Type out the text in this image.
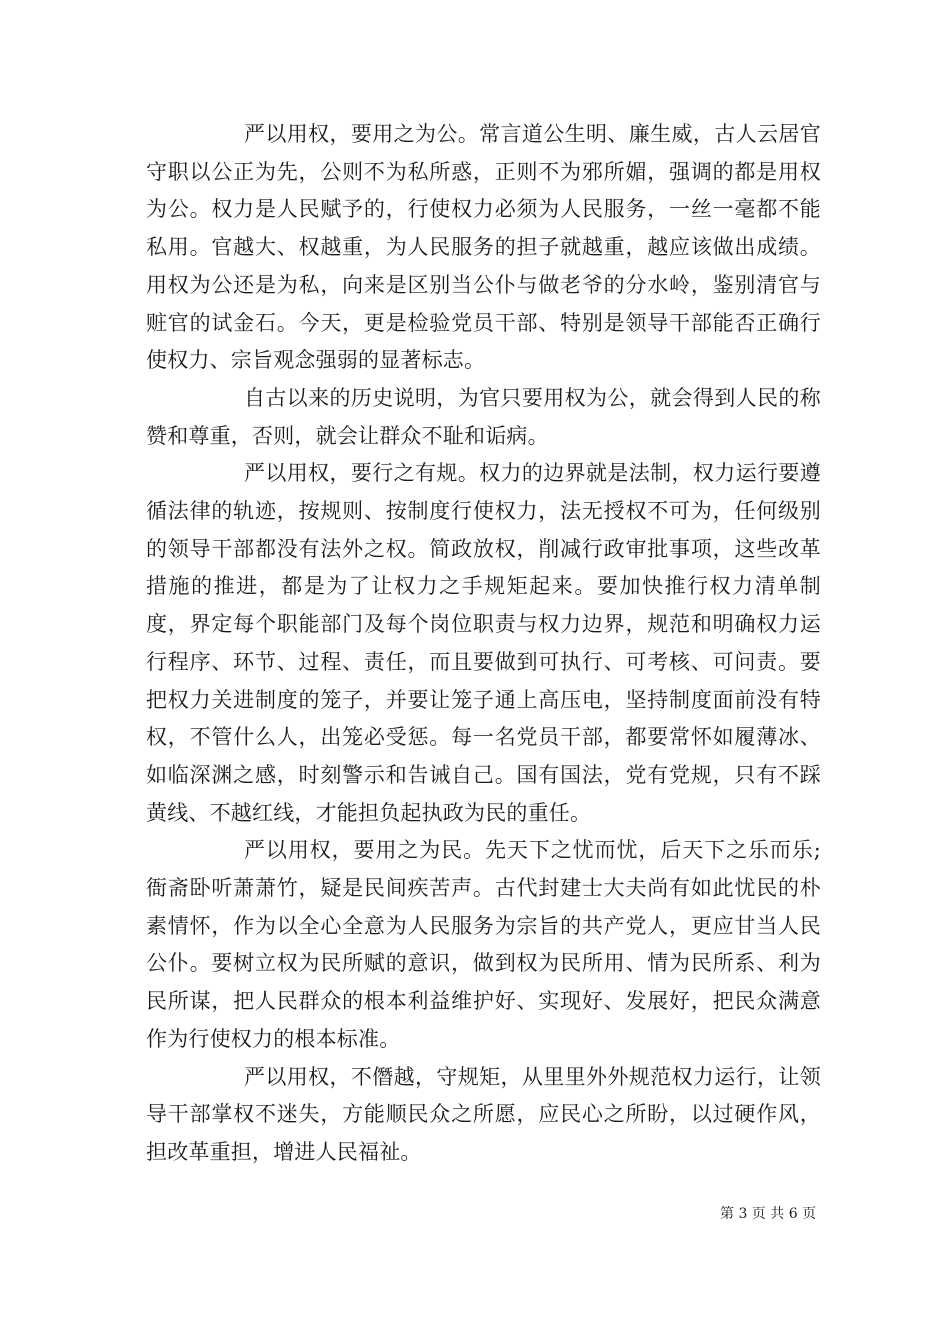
严以用权，要用之为公。常言道公生明、廉生威，古人云居官守职以公正为先，公则不为私所惑，正则不为邪所媚，强调的都是用权为公。权力是人民赋予的，行使权力必须为人民服务，一丝一毫都不能私用。官越大、权越重，为人民服务的担子就越重，越应该做出成绩。用权为公还是为私，向来是区别当公仆与做老爷的分水岭，鉴别清官与赃官的试金石。今天，更是检验党员干部、特别是领导干部能否正确行使权力、宗旨观念强弱的显著标志。

自古以来的历史说明，为官只要用权为公，就会得到人民的称赞和尊重，否则，就会让群众不耻和诟病。

严以用权，要行之有规。权力的边界就是法制，权力运行要遵循法律的轨迹，按规则、按制度行使权力，法无授权不可为，任何级别的领导干部都没有法外之权。简政放权，削减行政审批事项，这些改革措施的推进，都是为了让权力之手规矩起来。要加快推行权力清单制度，界定每个职能部门及每个岗位职责与权力边界，规范和明确权力运行程序、环节、过程、责任，而且要做到可执行、可考核、可问责。要把权力关进制度的笼子，并要让笼子通上高压电，坚持制度面前没有特权，不管什么人，出笼必受惩。每一名党员干部，都要常怀如履薄冰、如临深渊之感，时刻警示和告诫自己。国有国法，党有党规，只有不踩黄线、不越红线，才能担负起执政为民的重任。

严以用权，要用之为民。先天下之忧而忧，后天下之乐而乐;衙斋卧听萧萧竹，疑是民间疾苦声。古代封建士大夫尚有如此忧民的朴素情怀，作为以全心全意为人民服务为宗旨的共产党人，更应甘当人民公仆。要树立权为民所赋的意识，做到权为民所用、情为民所系、利为民所谋，把人民群众的根本利益维护好、实现好、发展好，把民众满意作为行使权力的根本标准。

严以用权，不僭越，守规矩，从里里外外规范权力运行，让领导干部掌权不迷失，方能顺民众之所愿，应民心之所盼，以过硬作风，担改革重担，增进人民福祉。

第 3 页 共 6 页
